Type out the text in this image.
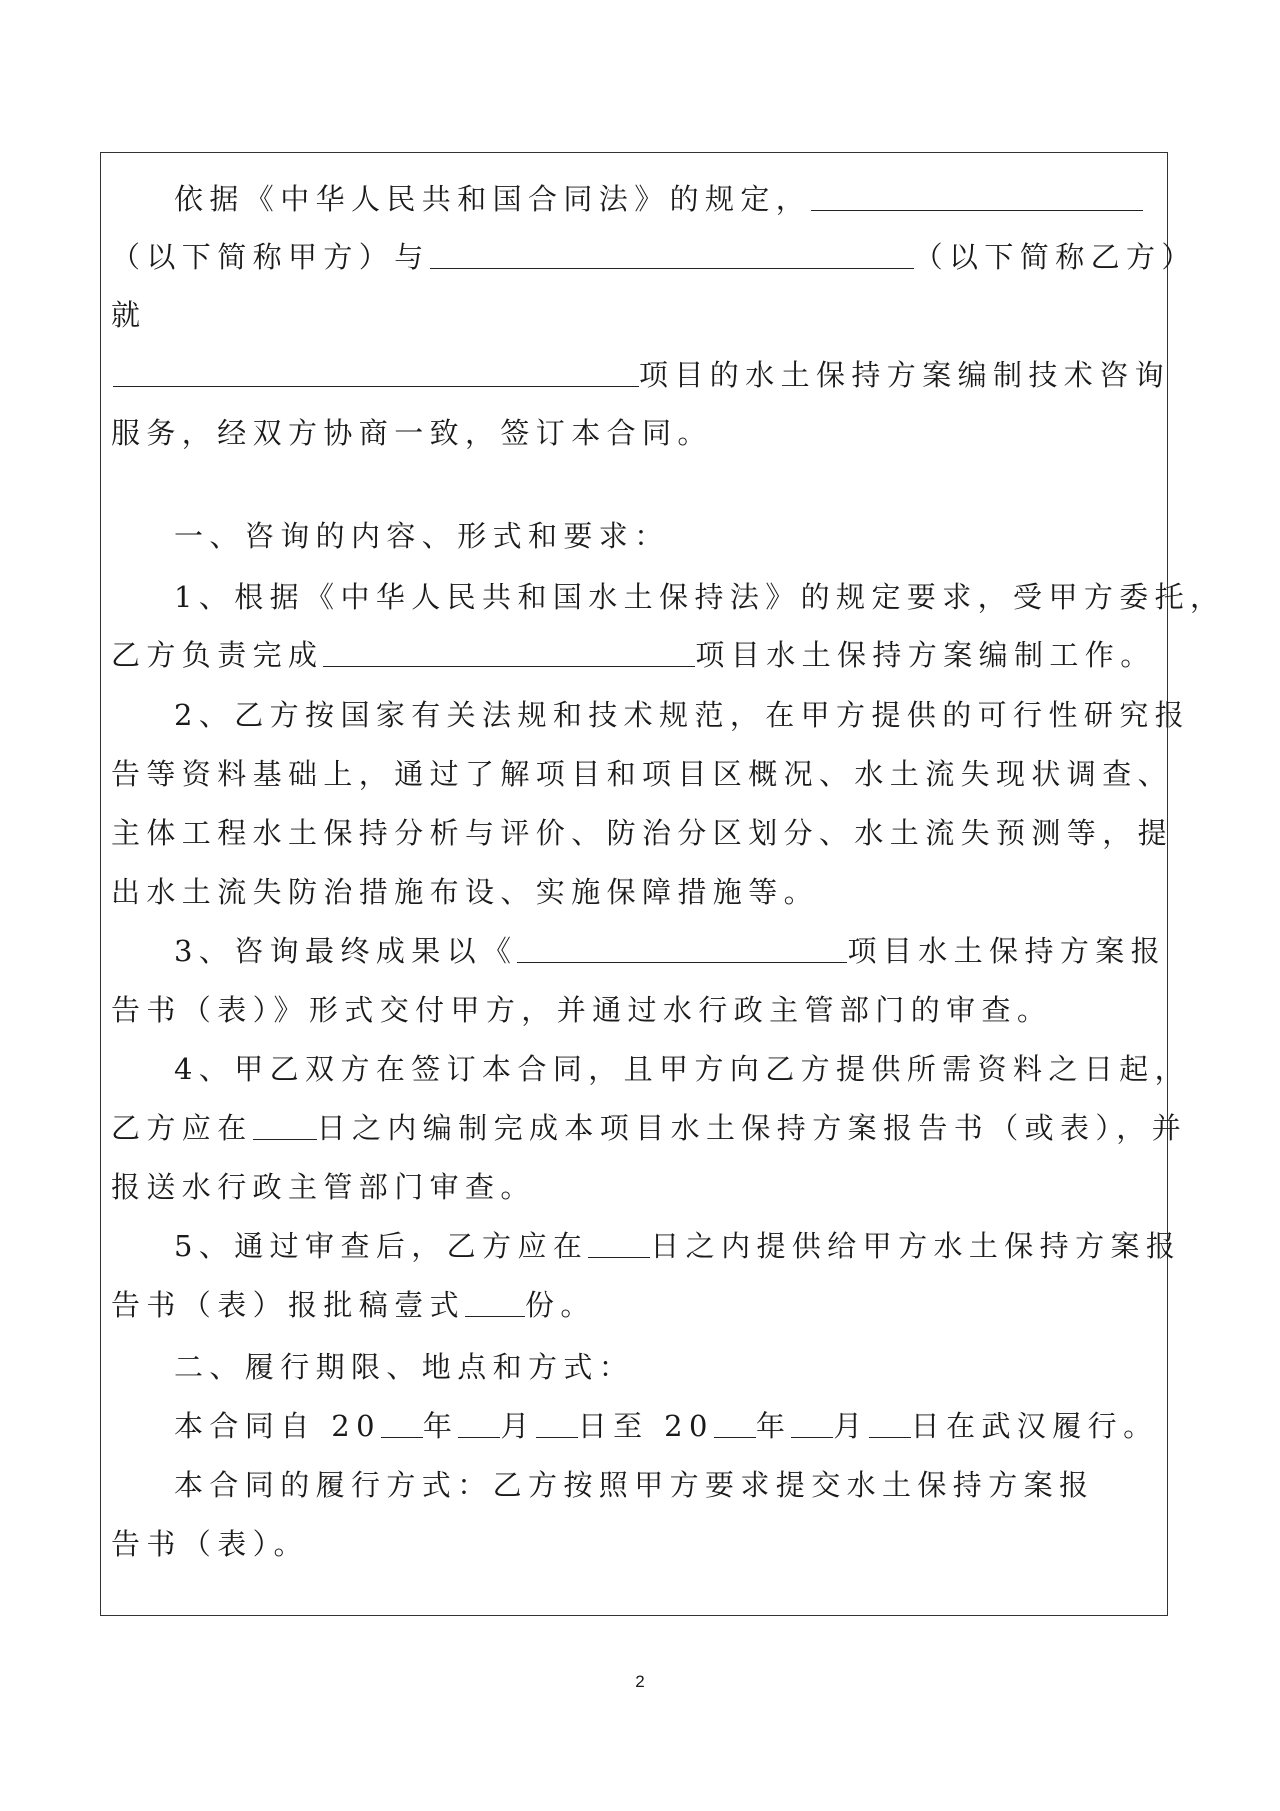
依据《中华人民共和国合同法》的规定，
（以下简称甲方）与	（以下简称乙方）
就
项目的水土保持方案编制技术咨询
服务，经双方协商一致，签订本合同。
一、咨询的内容、形式和要求：
1、根据《中华人民共和国水土保持法》的规定要求，受甲方委托，
乙方负责完成	项目水土保持方案编制工作。
2、乙方按国家有关法规和技术规范，在甲方提供的可行性研究报
告等资料基础上，通过了解项目和项目区概况、水土流失现状调查、
主体工程水土保持分析与评价、防治分区划分、水土流失预测等，提
出水土流失防治措施布设、实施保障措施等。
3、咨询最终成果以《	项目水土保持方案报
告书（表）》形式交付甲方，并通过水行政主管部门的审查。
4、甲乙双方在签订本合同，且甲方向乙方提供所需资料之日起，
乙方应在 日之内编制完成本项目水土保持方案报告书（或表），并
报送水行政主管部门审查。
5、通过审查后，乙方应在 日之内提供给甲方水土保持方案报
告书（表）报批稿壹式 份。
二、履行期限、地点和方式：
本合同自 20 年 月 日至 20 年 月 日在武汉履行。
本合同的履行方式：乙方按照甲方要求提交水土保持方案报
告书（表）。
2
